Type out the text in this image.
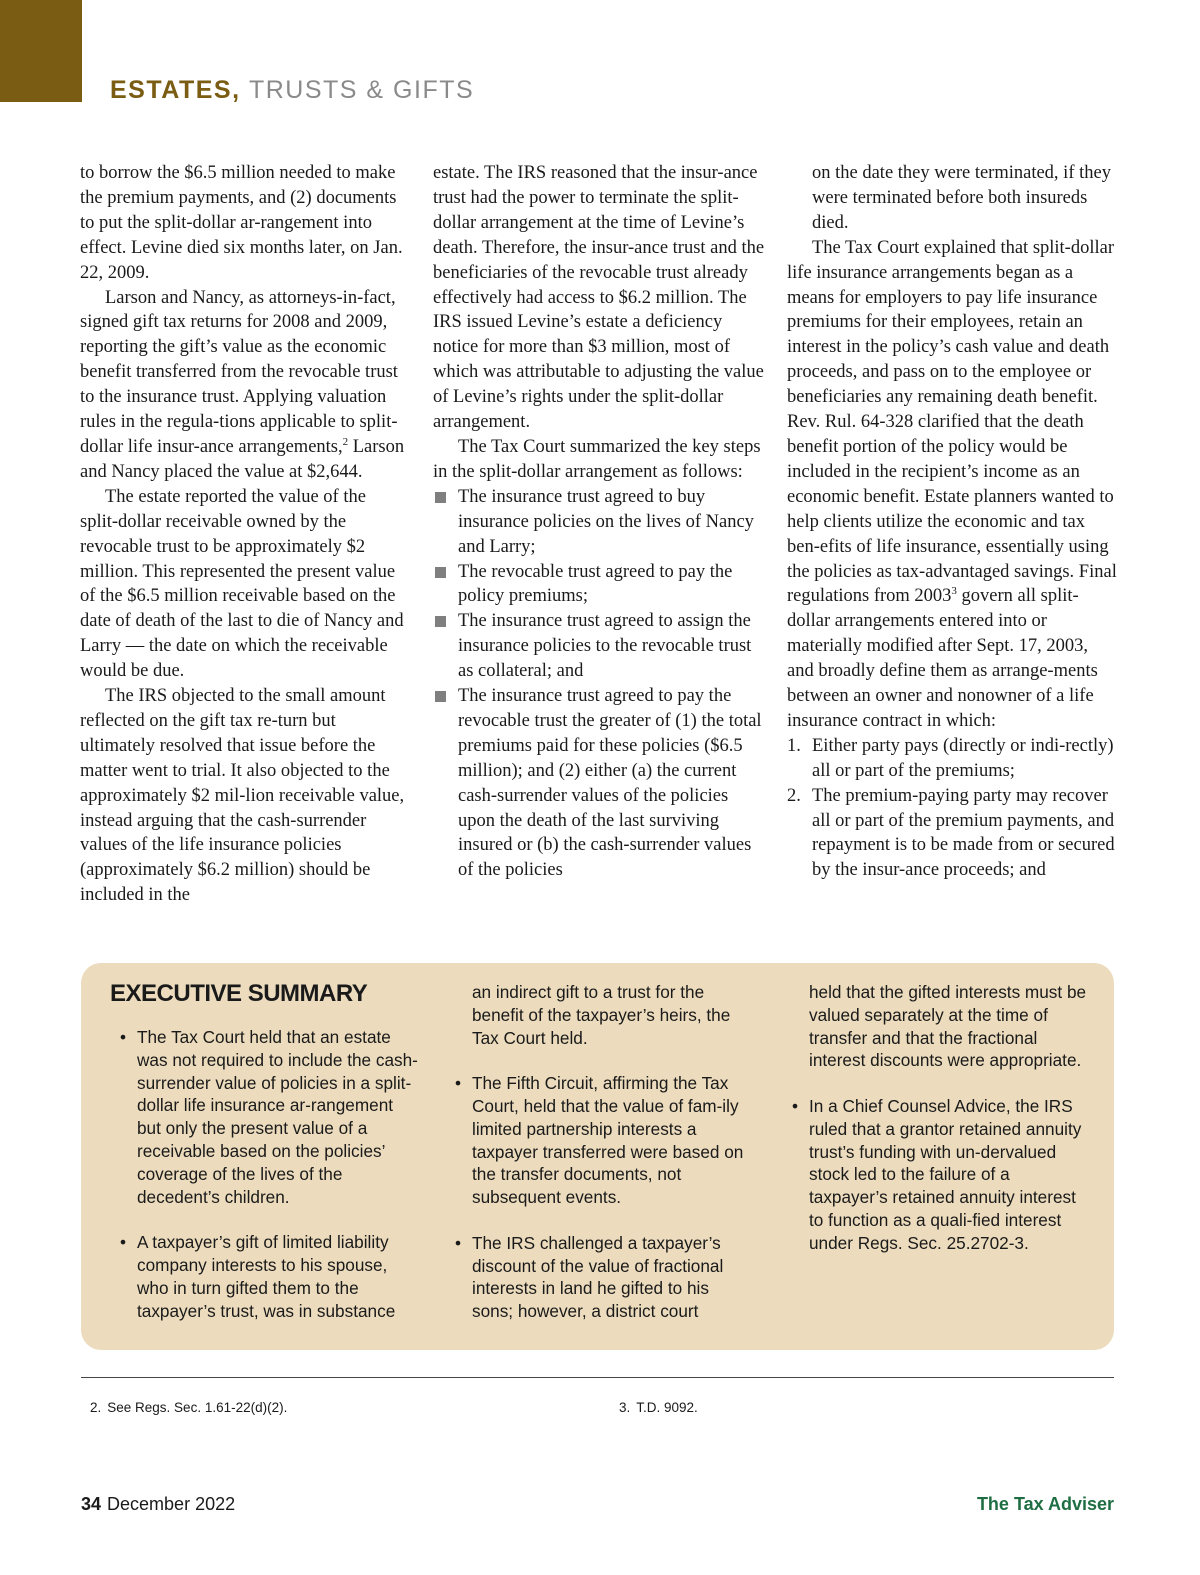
ESTATES, TRUSTS & GIFTS

to borrow the $6.5 million needed to make the premium payments, and (2) documents to put the split-dollar ar-rangement into effect. Levine died six months later, on Jan. 22, 2009.

Larson and Nancy, as attorneys-in-fact, signed gift tax returns for 2008 and 2009, reporting the gift’s value as the economic benefit transferred from the revocable trust to the insurance trust. Applying valuation rules in the regula-tions applicable to split-dollar life insur-ance arrangements,$^2$ Larson and Nancy placed the value at $2,644.

The estate reported the value of the split-dollar receivable owned by the revocable trust to be approximately $2 million. This represented the present value of the $6.5 million receivable based on the date of death of the last to die of Nancy and Larry — the date on which the receivable would be due.

The IRS objected to the small amount reflected on the gift tax re-turn but ultimately resolved that issue before the matter went to trial. It also objected to the approximately $2 mil-lion receivable value, instead arguing that the cash-surrender values of the life insurance policies (approximately $6.2 million) should be included in the

estate. The IRS reasoned that the insur-ance trust had the power to terminate the split-dollar arrangement at the time of Levine’s death. Therefore, the insur-ance trust and the beneficiaries of the revocable trust already effectively had access to $6.2 million. The IRS issued Levine’s estate a deficiency notice for more than $3 million, most of which was attributable to adjusting the value of Levine’s rights under the split-dollar arrangement.

The Tax Court summarized the key steps in the split-dollar arrangement as follows:

The insurance trust agreed to buy insurance policies on the lives of Nancy and Larry;
The revocable trust agreed to pay the policy premiums;
The insurance trust agreed to assign the insurance policies to the revocable trust as collateral; and
The insurance trust agreed to pay the revocable trust the greater of (1) the total premiums paid for these policies ($6.5 million); and (2) either (a) the current cash-surrender values of the policies upon the death of the last surviving insured or (b) the cash-surrender values of the policies

on the date they were terminated, if they were terminated before both insureds died.

The Tax Court explained that split-dollar life insurance arrangements began as a means for employers to pay life insurance premiums for their employees, retain an interest in the policy’s cash value and death proceeds, and pass on to the employee or beneficiaries any remaining death benefit. Rev. Rul. 64-328 clarified that the death benefit portion of the policy would be included in the recipient’s income as an economic benefit. Estate planners wanted to help clients utilize the economic and tax ben-efits of life insurance, essentially using the policies as tax-advantaged savings. Final regulations from 2003$^3$ govern all split-dollar arrangements entered into or materially modified after Sept. 17, 2003, and broadly define them as arrange-ments between an owner and nonowner of a life insurance contract in which:

1. Either party pays (directly or indi-rectly) all or part of the premiums;
2. The premium-paying party may recover all or part of the premium payments, and repayment is to be made from or secured by the insur-ance proceeds; and
EXECUTIVE SUMMARY

• The Tax Court held that an estate was not required to include the cash-surrender value of policies in a split-dollar life insurance ar-rangement but only the present value of a receivable based on the policies’ coverage of the lives of the decedent’s children.

• A taxpayer’s gift of limited liability company interests to his spouse, who in turn gifted them to the taxpayer’s trust, was in substance

an indirect gift to a trust for the benefit of the taxpayer’s heirs, the Tax Court held.

• The Fifth Circuit, affirming the Tax Court, held that the value of fam-ily limited partnership interests a taxpayer transferred were based on the transfer documents, not subsequent events.

• The IRS challenged a taxpayer’s discount of the value of fractional interests in land he gifted to his sons; however, a district court

held that the gifted interests must be valued separately at the time of transfer and that the fractional interest discounts were appropriate.

• In a Chief Counsel Advice, the IRS ruled that a grantor retained annuity trust’s funding with un-dervalued stock led to the failure of a taxpayer’s retained annuity interest to function as a quali-fied interest under Regs. Sec. 25.2702-3.

2. See Regs. Sec. 1.61-22(d)(2).	3. T.D. 9092.
34 December 2022	The Tax Adviser
